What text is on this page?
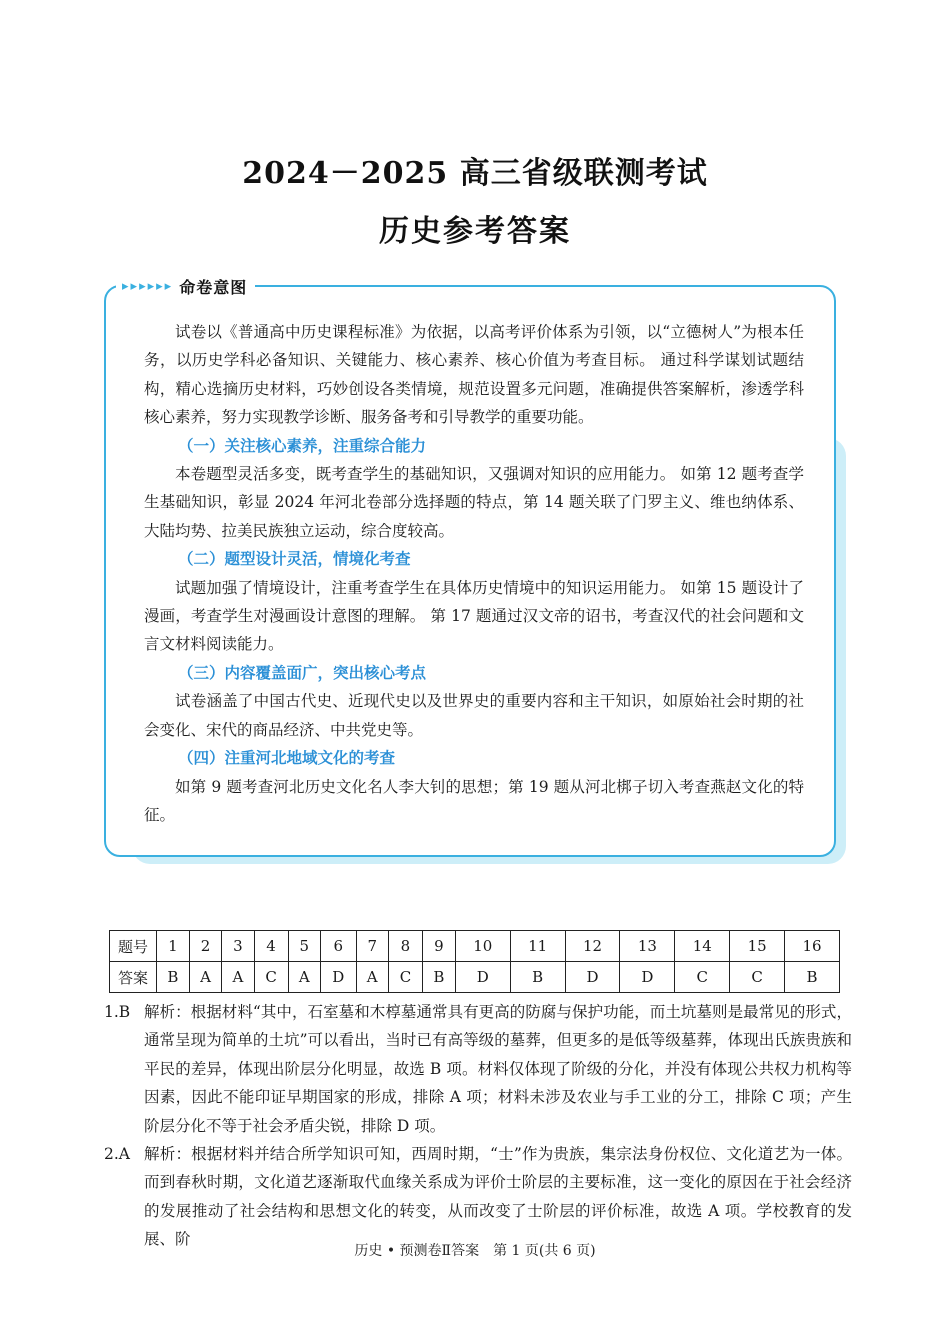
2024－2025 高三省级联测考试
历史参考答案
▸ ▸ ▸ ▸ ▸ ▸ 命卷意图

试卷以《普通高中历史课程标准》为依据，以高考评价体系为引领，以“立德树人”为根本任务，以历史学科必备知识、关键能力、核心素养、核心价值为考查目标。 通过科学谋划试题结构，精心选摘历史材料，巧妙创设各类情境，规范设置多元问题，准确提供答案解析，渗透学科核心素养，努力实现教学诊断、服务备考和引导教学的重要功能。

（一）关注核心素养，注重综合能力

本卷题型灵活多变，既考查学生的基础知识，又强调对知识的应用能力。 如第 12 题考查学生基础知识，彰显 2024 年河北卷部分选择题的特点，第 14 题关联了门罗主义、维也纳体系、大陆均势、拉美民族独立运动，综合度较高。

（二）题型设计灵活，情境化考查

试题加强了情境设计，注重考查学生在具体历史情境中的知识运用能力。 如第 15 题设计了漫画，考查学生对漫画设计意图的理解。 第 17 题通过汉文帝的诏书，考查汉代的社会问题和文言文材料阅读能力。

（三）内容覆盖面广，突出核心考点

试卷涵盖了中国古代史、近现代史以及世界史的重要内容和主干知识，如原始社会时期的社会变化、宋代的商品经济、中共党史等。

（四）注重河北地域文化的考查

如第 9 题考查河北历史文化名人李大钊的思想；第 19 题从河北梆子切入考查燕赵文化的特征。

题号	1	2	3	4	5	6	7	8	9	10	11	12	13	14	15	16
答案	B	A	A	C	A	D	A	C	B	D	B	D	D	C	C	B
1.B 解析：根据材料“其中，石室墓和木椁墓通常具有更高的防腐与保护功能，而土坑墓则是最常见的形式，通常呈现为简单的土坑”可以看出，当时已有高等级的墓葬，但更多的是低等级墓葬，体现出氏族贵族和平民的差异，体现出阶层分化明显，故选 B 项。材料仅体现了阶级的分化，并没有体现公共权力机构等因素，因此不能印证早期国家的形成，排除 A 项；材料未涉及农业与手工业的分工，排除 C 项；产生阶层分化不等于社会矛盾尖锐，排除 D 项。
2.A 解析：根据材料并结合所学知识可知，西周时期，“士”作为贵族，集宗法身份权位、文化道艺为一体。而到春秋时期，文化道艺逐渐取代血缘关系成为评价士阶层的主要标准，这一变化的原因在于社会经济的发展推动了社会结构和思想文化的转变，从而改变了士阶层的评价标准，故选 A 项。学校教育的发展、阶
历史 • 预测卷Ⅱ答案　第 1 页(共 6 页)
